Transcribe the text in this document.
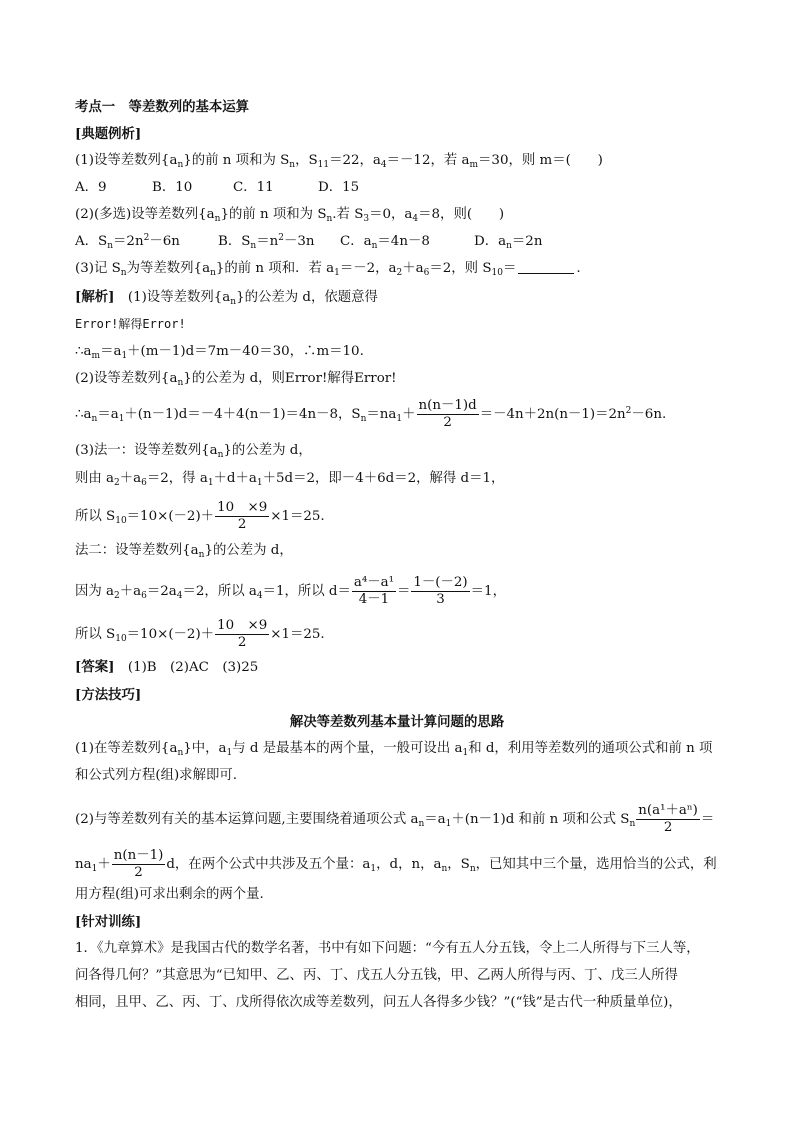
考点一　等差数列的基本运算
[典题例析]
(1)设等差数列$\{a_n\}$的前 n 项和为 $S_n$，$S_{11}=22$，$a_4=-12$，若 $a_m=30$，则 m＝(　　)
A．9	B．10	C．11	D．15
(2)(多选)设等差数列$\{a_n\}$的前 n 项和为 $S_n$.若 $S_3=0$，$a_4=8$，则(　　)
A．$S_n=2n^2-6n$	B．$S_n=n^2-3n$ C．$a_n=4n-8$	D．$a_n=2n$
(3)记 $S_n$为等差数列$\{a_n\}$的前 n 项和．若 $a_1=-2$，$a_2+a_6=2$，则 $S_{10}=$	.
[解析]　 (1)设等差数列$\{a_n\}$的公差为 d，依题意得
Error!解得Error!
$\therefore a_m=a_1+(m-1)d=7m-40=30$，∴m＝10.
(2)设等差数列$\{a_n\}$的公差为 d，则Error!解得Error!
$\therefore a_n=a_1+(n-1)d=-4+4(n-1)=4n-8$，$S_n=na_1+ \frac{n(n-1)d}{2} =-4n+2n(n-1)=2n^2-6n$.
(3)法一：设等差数列$\{a_n\}$的公差为 d，
则由 $a_2+a_6=2$，得 $a_1+d+a_1+5d=2$，即－4＋6d＝2，解得 d＝1，
所以 $S_{10}=10\times(-2)+ \frac{10 \times 9}{2} \times 1=25$.
法二：设等差数列$\{a_n\}$的公差为 d，
因为 $a_2+a_6=2a_4=2$，所以 $a_4=1$，所以 $d= \frac{\text{a⁴－a¹}}{4-1} = \frac{1-(-2)}{3} =1$，
所以 $S_{10}=10\times(-2)+ \frac{10 \times 9}{2} \times 1=25$.
[答案]　(1)B　(2)AC　(3)25
[方法技巧]
解决等差数列基本量计算问题的思路
(1)在等差数列$\{a_n\}$中，$a_1$与 d 是最基本的两个量，一般可设出 $a_1$和 d，利用等差数列的通项公式和前 n 项
和公式列方程(组)求解即可.
(2)与等差数列有关的基本运算问题,主要围绕着通项公式 $a_n=a_1+(n-1)d$ 和前 n 项和公式 $S_n \frac{\text{n(a¹＋aⁿ)}}{2}$ ＝
$na_1+ \frac{n(n-1)}{2}$ d，在两个公式中共涉及五个量：$a_1$，d，n，$a_n$，$S_n$，已知其中三个量，选用恰当的公式，利
用方程(组)可求出剩余的两个量.
[针对训练]
1．《九章算术》是我国古代的数学名著，书中有如下问题：“今有五人分五钱，令上二人所得与下三人等，
问各得几何？”其意思为“已知甲、乙、丙、丁、戊五人分五钱，甲、乙两人所得与丙、丁、戊三人所得
相同，且甲、乙、丙、丁、戊所得依次成等差数列，问五人各得多少钱？”(“钱”是古代一种质量单位)，
